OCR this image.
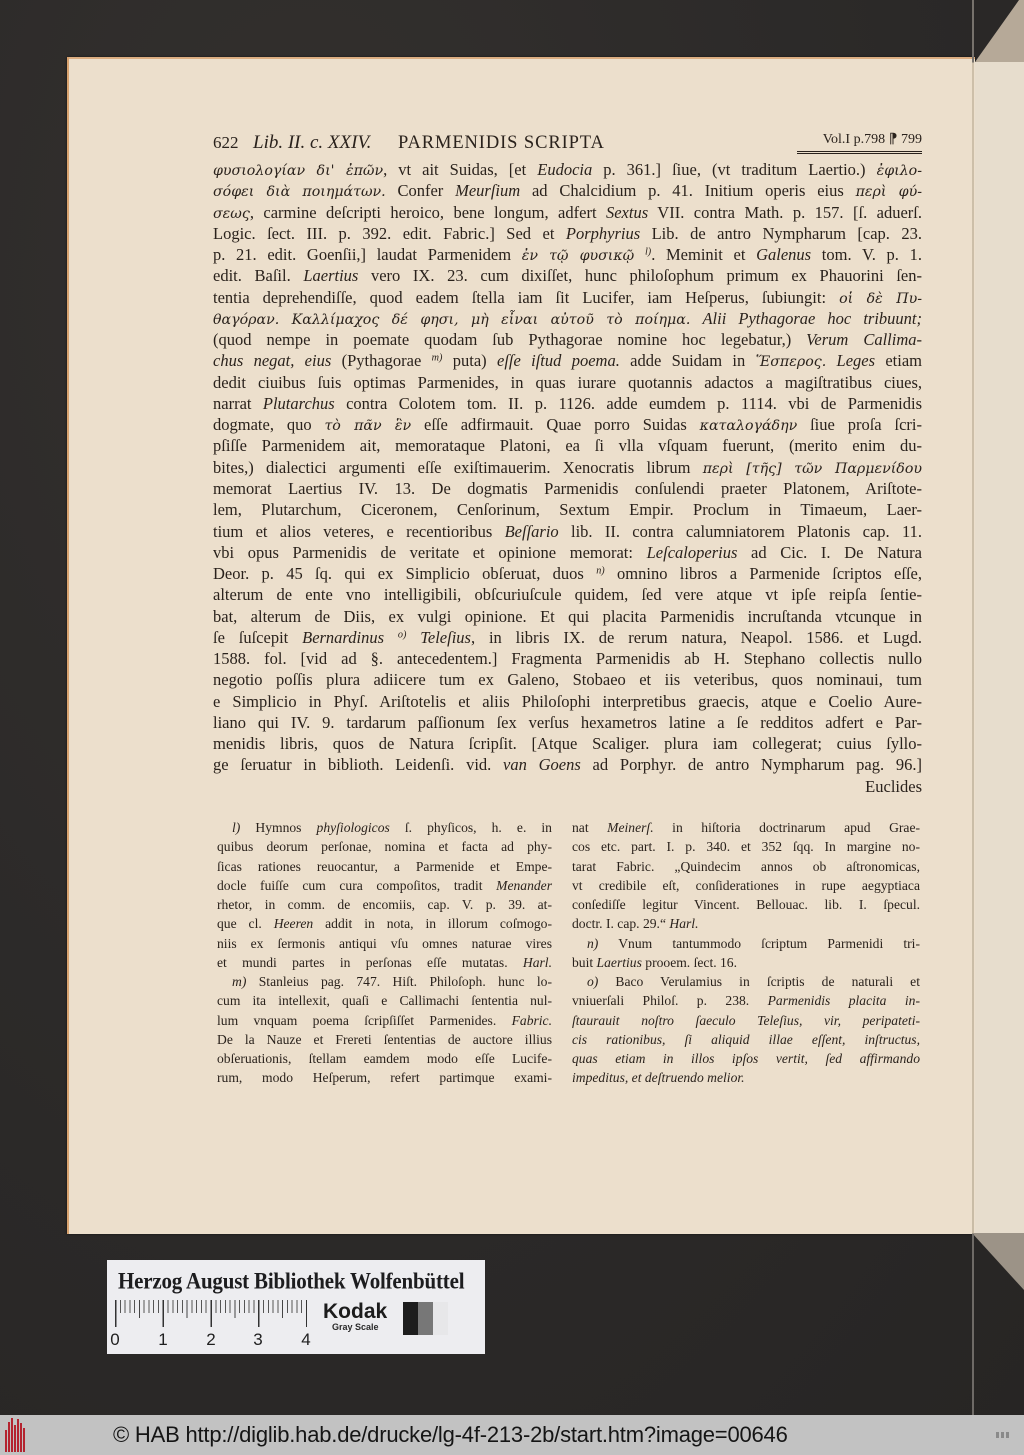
622 Lib. II. c. XXIV. PARMENIDIS SCRIPTA	Vol.I p.798 ⁋ 799
φυσιολογίαν δι' ἐπῶν, vt ait Suidas, [et Eudocia p. 361.] ſiue, (vt traditum Laertio.) ἐφιλο-
σόφει διὰ ποιημάτων. Confer Meurſium ad Chalcidium p. 41. Initium operis eius περὶ φύ-
σεως, carmine deſcripti heroico, bene longum, adfert Sextus VII. contra Math. p. 157. [ſ. aduerſ.
Logic. ſect. III. p. 392. edit. Fabric.] Sed et Porphyrius Lib. de antro Nympharum [cap. 23.
p. 21. edit. Goenſii,] laudat Parmenidem ἐν τῷ φυσικῷ $^{l)}$. Meminit et Galenus tom. V. p. 1.
edit. Baſil. Laertius vero IX. 23. cum dixiſſet, hunc philoſophum primum ex Phauorini ſen-
tentia deprehendiſſe, quod eadem ſtella iam ſit Lucifer, iam Heſperus, ſubiungit: οἱ δὲ Πυ-
θαγόραν. Καλλίμαχος δέ φησι, μὴ εἶναι αὐτοῦ τὸ ποίημα. Alii Pythagorae hoc tribuunt;
(quod nempe in poemate quodam ſub Pythagorae nomine hoc legebatur,) Verum Callima-
chus negat, eius (Pythagorae $^{m)}$ puta) eſſe iſtud poema. adde Suidam in Ἕσπερος. Leges etiam
dedit ciuibus ſuis optimas Parmenides, in quas iurare quotannis adactos a magiſtratibus ciues,
narrat Plutarchus contra Colotem tom. II. p. 1126. adde eumdem p. 1114. vbi de Parmenidis
dogmate, quo τὸ πᾶν ἓν eſſe adfirmauit. Quae porro Suidas καταλογάδην ſiue proſa ſcri-
pſiſſe Parmenidem ait, memorataque Platoni, ea ſi vlla vſquam fuerunt, (merito enim du-
bites,) dialectici argumenti eſſe exiſtimauerim. Xenocratis librum περὶ [τῆς] τῶν Παρμενίδου
memorat Laertius IV. 13. De dogmatis Parmenidis conſulendi praeter Platonem, Ariſtote-
lem, Plutarchum, Ciceronem, Cenſorinum, Sextum Empir. Proclum in Timaeum, Laer-
tium et alios veteres, e recentioribus Beſſario lib. II. contra calumniatorem Platonis cap. 11.
vbi opus Parmenidis de veritate et opinione memorat: Leſcaloperius ad Cic. I. De Natura
Deor. p. 45 ſq. qui ex Simplicio obſeruat, duos $^{n)}$ omnino libros a Parmenide ſcriptos eſſe,
alterum de ente vno intelligibili, obſcuriuſcule quidem, ſed vere atque vt ipſe reipſa ſentie-
bat, alterum de Diis, ex vulgi opinione. Et qui placita Parmenidis incruſtanda vtcunque in
ſe ſuſcepit Bernardinus $^{o)}$ Teleſius, in libris IX. de rerum natura, Neapol. 1586. et Lugd.
1588. fol. [vid ad §. antecedentem.] Fragmenta Parmenidis ab H. Stephano collectis nullo
negotio poſſis plura adiicere tum ex Galeno, Stobaeo et iis veteribus, quos nominaui, tum
e Simplicio in Phyſ. Ariſtotelis et aliis Philoſophi interpretibus graecis, atque e Coelio Aure-
liano qui IV. 9. tardarum paſſionum ſex verſus hexametros latine a ſe redditos adfert e Par-
menidis libris, quos de Natura ſcripſit. [Atque Scaliger. plura iam collegerat; cuius ſyllo-
ge ſeruatur in biblioth. Leidenſi. vid. van Goens ad Porphyr. de antro Nympharum pag. 96.]
Euclides
l) Hymnos phyſiologicos ſ. phyſicos, h. e. in
quibus deorum perſonae, nomina et facta ad phy-
ſicas rationes reuocantur, a Parmenide et Empe-
docle fuiſſe cum cura compoſitos, tradit Menander
rhetor, in comm. de encomiis, cap. V. p. 39. at-
que cl. Heeren addit in nota, in illorum coſmogo-
niis ex ſermonis antiqui vſu omnes naturae vires
et mundi partes in perſonas eſſe mutatas. Harl.
m) Stanleius pag. 747. Hiſt. Philoſoph. hunc lo-
cum ita intellexit, quaſi e Callimachi ſententia nul-
lum vnquam poema ſcripſiſſet Parmenides. Fabric.
De la Nauze et Frereti ſententias de auctore illius
obſeruationis, ſtellam eamdem modo eſſe Lucife-
rum, modo Heſperum, refert partimque exami-
nat Meinerſ. in hiſtoria doctrinarum apud Grae-
cos etc. part. I. p. 340. et 352 ſqq. In margine no-
tarat Fabric. „Quindecim annos ob aſtronomicas,
vt credibile eſt, conſiderationes in rupe aegyptiaca
conſediſſe legitur Vincent. Bellouac. lib. I. ſpecul.
doctr. I. cap. 29.“ Harl.
n) Vnum tantummodo ſcriptum Parmenidi tri-
buit Laertius prooem. ſect. 16.
o) Baco Verulamius in ſcriptis de naturali et
vniuerſali Philoſ. p. 238. Parmenidis placita in-
ſtaurauit noſtro ſaeculo Teleſius, vir, peripateti-
cis rationibus, ſi aliquid illae eſſent, inſtructus,
quas etiam in illos ipſos vertit, ſed affirmando
impeditus, et deſtruendo melior.
Herzog August Bibliothek Wolfenbüttel
0 1 2 3 4
Kodak
Gray Scale
© HAB http://diglib.hab.de/drucke/lg-4f-213-2b/start.htm?image=00646
